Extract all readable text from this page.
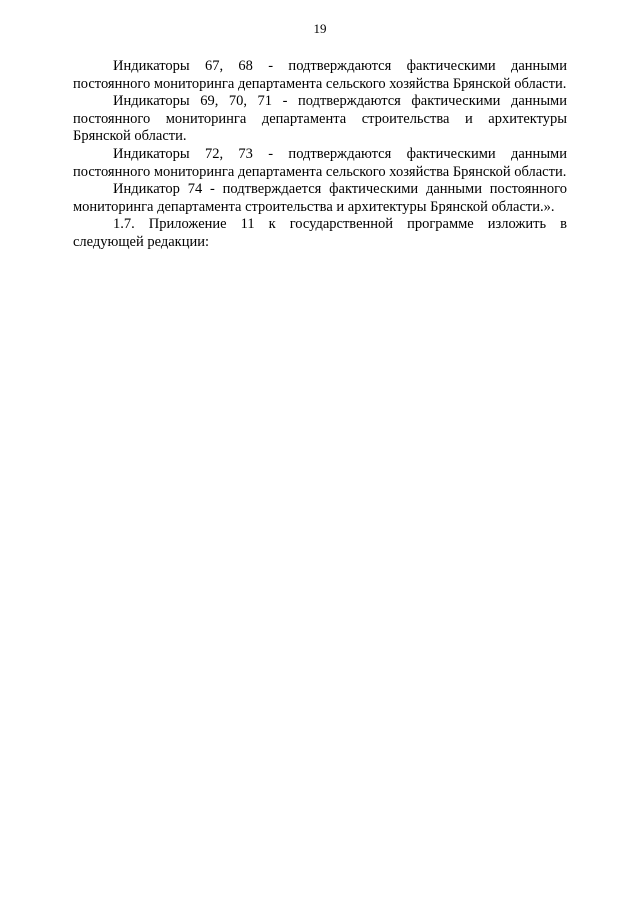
19

Индикаторы 67, 68 - подтверждаются фактическими данными постоянного мониторинга департамента сельского хозяйства Брянской области.

Индикаторы 69, 70, 71 - подтверждаются фактическими данными постоянного мониторинга департамента строительства и архитектуры Брянской области.

Индикаторы 72, 73 - подтверждаются фактическими данными постоянного мониторинга департамента сельского хозяйства Брянской области.

Индикатор 74 - подтверждается фактическими данными постоянного мониторинга департамента строительства и архитектуры Брянской области.».

1.7. Приложение 11 к государственной программе изложить в следующей редакции:
